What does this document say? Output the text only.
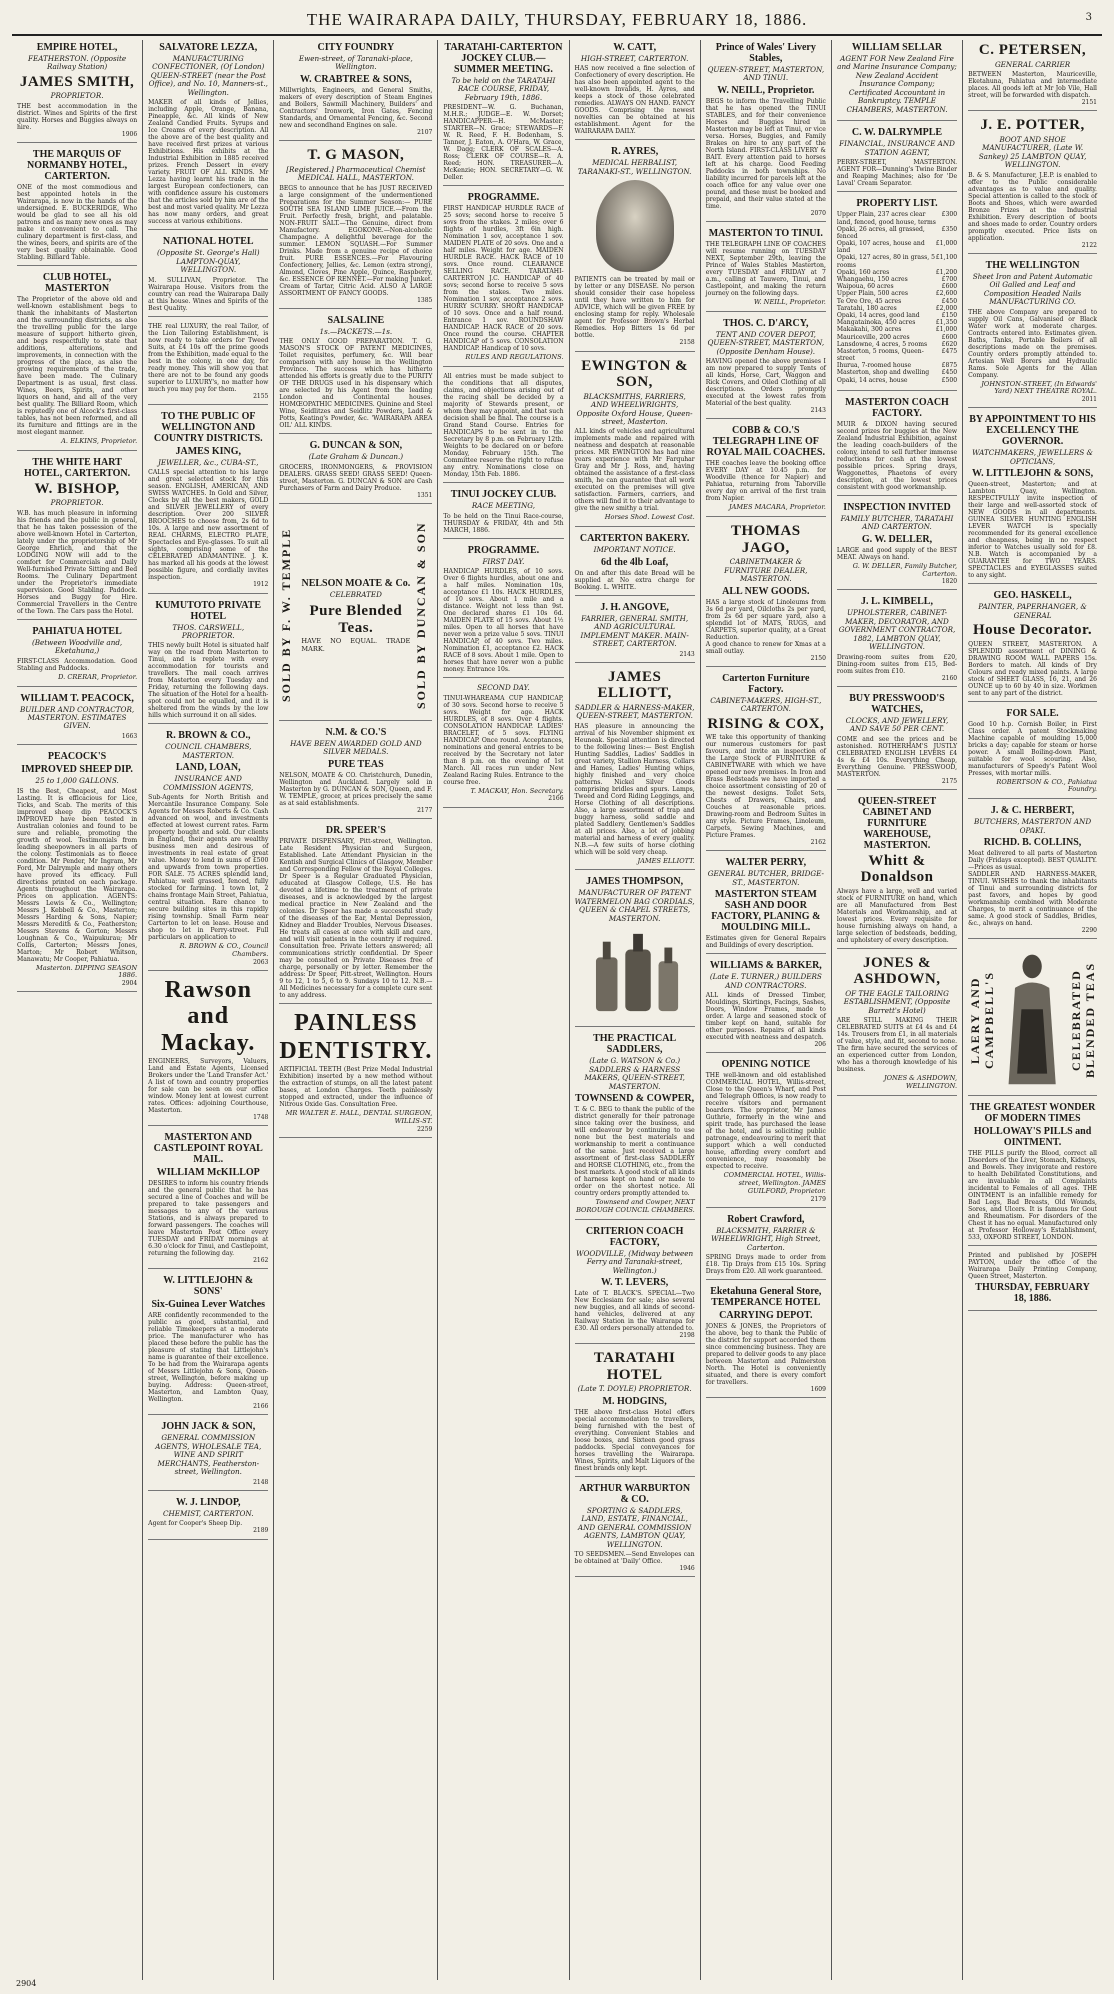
THE WAIRARAPA DAILY, THURSDAY, FEBRUARY 18, 1886.	3
EMPIRE HOTEL,
FEATHERSTON. (Opposite Railway Station)
JAMES SMITH,
PROPRIETOR.
THE best accommodation in the district. Wines and Spirits of the first quality. Horses and Buggies always on hire.
1906
THE MARQUIS OF NORMANBY HOTEL, CARTERTON.
ONE of the most commodious and best appointed hotels in the Wairarapa, is now in the hands of the undersigned. E. BUCKERIDGE, Who would be glad to see all his old patrons and as many new ones as may make it convenient to call. The culinary department is first-class, and the wines, beers, and spirits are of the very best quality obtainable. Good Stabling. Billiard Table.
CLUB HOTEL, MASTERTON
The Proprietor of the above old and well-known establishment begs to thank the inhabitants of Masterton and the surrounding districts, as also the travelling public for the large measure of support hitherto given, and begs respectfully to state that additions, alterations, and improvements, in connection with the progress of the place, as also the growing requirements of the trade, have been made. The Culinary Department is as usual, first class. Wines, Beers, Spirits, and other liquors on hand, and all of the very best quality. The Billiard Room, which is reputedly one of Alcock's first-class tables, has not been reformed, and all its furniture and fittings are in the most elegant manner.
A. ELKINS, Proprietor.
THE WHITE HART HOTEL, CARTERTON.
W. BISHOP,
PROPRIETOR.
W.B. has much pleasure in informing his friends and the public in general, that he has taken possession of the above well-known Hotel in Carterton, lately under the proprietorship of Mr George Ehrlich, and that the LODGING NOW will add to the comfort for Commercials and Daily Well-furnished Private Sitting and Bed Rooms. The Culinary Department under the Proprietor's immediate supervision. Good Stabling. Paddock. Horses and Buggy for Hire. Commercial Travellers in the Centre of the Town. The Cars pass the Hotel.
PAHIATUA HOTEL
(Between Woodville and, Eketahuna,)
FIRST-CLASS Accommodation. Good Stabling and Paddocks.
D. CRERAR, Proprietor.
WILLIAM T. PEACOCK,
BUILDER AND CONTRACTOR, MASTERTON. ESTIMATES GIVEN.
1663
PEACOCK'S
IMPROVED SHEEP DIP.
25 to 1,000 GALLONS.
IS the Best, Cheapest, and Most Lasting. It is efficacious for Lice, Ticks, and Scab. The merits of this improved sheep dip PEACOCK'S IMPROVED have been tested in Australian colonies and found to be sure and reliable, promoting the growth of wool. Testimonials from leading sheepowners in all parts of the colony. Testimonials as to fleece condition. Mr Pender, Mr Ingram, Mr Ford, Mr Dalrymple and many others have proved its efficacy. Full directions printed on each package. Agents throughout the Wairarapa. Prices on application. AGENTS: Messrs Lewis & Co., Wellington; Messrs J. Kebbell & Co., Masterton; Messrs Harding & Sons, Napier; Messrs Meredith & Co., Featherston; Messrs Stevens & Gorton; Messrs Loughnan & Co., Waipukurau; Mr Collis, Carterton; Messrs Jones, Marton; Mr Robert Whitson, Manawatu; Mr Cooper, Pahiatua.
Masterton. DIPPING SEASON 1886.
2904
SALVATORE LEZZA,
MANUFACTURING CONFECTIONER, (Of London) QUEEN-STREET (near the Post Office), and No. 10, Manners-st., Wellington.
MAKER of all kinds of Jellies, including Apple, Orange, Banana, Pineapple, &c. All kinds of New Zealand Candied Fruits. Syrups and Ice Creams of every description. All the above are of the best quality and have received first prizes at various Exhibitions. His exhibits at the Industrial Exhibition in 1885 received prizes. French Dessert in every variety. FRUIT OF ALL KINDS. Mr Lezza having learnt his trade in the largest European confectioners, can with confidence assure his customers that the articles sold by him are of the best and most varied quality. Mr Lezza has now many orders, and great success at various exhibitions.
NATIONAL HOTEL
(Opposite St. George's Hall) LAMPTON-QUAY, WELLINGTON.
M. SULLIVAN, Proprietor. The Wairarapa House. Visitors from the country can read the Wairarapa Daily at this house. Wines and Spirits of the Best Quality.
THE real LUXURY, the real Tailor, of the Lion Tailoring Establishment, is now ready to take orders for Tweed Suits, at £4 10s off the prime goods from the Exhibition, made equal to the best in the colony, in one day, for ready money. This will show you that there are not to be found any goods superior to LUXURY's, no matter how much you may pay for them.
2155
TO THE PUBLIC OF WELLINGTON AND COUNTRY DISTRICTS.
JAMES KING,
JEWELLER, &c., CUBA-ST.,
CALLS special attention to his large and great selected stock for this season. ENGLISH, AMERICAN, AND SWISS WATCHES. In Gold and Silver, Clocks by all the best makers, GOLD and SILVER JEWELLERY of every description. Over 200 SILVER BROOCHES to choose from, 2s 6d to 10s. A large and new assortment of REAL CHARMS, ELECTRO PLATE, Spectacles and Eye-glasses. To suit all sights, comprising some of the CELEBRATED ADAMANTINE. J. K. has marked all his goods at the lowest possible figure, and cordially invites inspection.
1912
KUMUTOTO PRIVATE HOTEL
THOS. CARSWELL, PROPRIETOR.
THIS newly built Hotel is situated half way on the road from Masterton to Tinui, and is replete with every accommodation for tourists and travellers. The mail coach arrives from Masterton every Tuesday and Friday, returning the following days. The situation of the Hotel for a health-spot could not be equalled, and it is sheltered from the winds by the low hills which surround it on all sides.
R. BROWN & CO.,
COUNCIL CHAMBERS, MASTERTON.
LAND, LOAN,
INSURANCE AND COMMISSION AGENTS,
Sub-Agents for North British and Mercantile Insurance Company. Sole Agents for Messrs Roberts & Co. Cash advanced on wool, and investments effected at lowest current rates. Farm property bought and sold. Our clients in England, their agents are wealthy business men and desirous of investments in real estate of great value. Money to lend in sums of £500 and upwards from town properties. FOR SALE. 75 ACRES splendid land, Pahiatua; well grassed, fenced, fully stocked for farming. 1 town lot, 2 chains frontage Main Street, Pahiatua, central situation. Rare chance to secure building sites in this rapidly rising township. Small Farm near Carterton to let on lease. House and shop to let in Perry-street. Full particulars on application to
R. BROWN & CO., Council Chambers.
2063
Rawson and Mackay.
ENGINEERS, Surveyors, Valuers, Land and Estate Agents, Licensed Brokers under the 'Land Transfer Act.' A list of town and country properties for sale can be seen on our office window. Money lent at lowest current rates. Offices: adjoining Courthouse, Masterton.
1748
MASTERTON AND CASTLEPOINT ROYAL MAIL.
WILLIAM McKILLOP
DESIRES to inform his country friends and the general public that he has secured a line of Coaches and will be prepared to take passengers and messages to any of the various Stations, and is always prepared to forward passengers. The coaches will leave Masterton Post Office every TUESDAY and FRIDAY mornings at 6.30 o'clock for Tinui, and Castlepoint, returning the following day.
2162
W. LITTLEJOHN & SONS'
Six-Guinea Lever Watches
ARE confidently recommended to the public as good, substantial, and reliable Timekeepers at a moderate price. The manufacturer who has placed these before the public has the pleasure of stating that Littlejohn's name is guarantee of their excellence. To be had from the Wairarapa agents of Messrs Littlejohn & Sons, Queen-street, Wellington, before making up buying. Address: Queen-street, Masterton, and Lambton Quay, Wellington.
2166
JOHN JACK & SON,
GENERAL COMMISSION AGENTS, WHOLESALE TEA, WINE AND SPIRIT MERCHANTS, Featherston-street, Wellington.
2148
W. J. LINDOP,
CHEMIST, CARTERTON.
Agent for Cooper's Sheep Dip.
2189
CITY FOUNDRY
Ewen-street, of Taranaki-place, Wellington.
W. CRABTREE & SONS,
Millwrights, Engineers, and General Smiths, makers of every description of Steam Engines and Boilers, Sawmill Machinery, Builders' and Contractors' Ironwork, Iron Gates, Fencing Standards, and Ornamental Fencing, &c. Second new and secondhand Engines on sale.
2107
T. G MASON,
[Registered.] Pharmaceutical Chemist MEDICAL HALL, MASTERTON.
BEGS to announce that he has JUST RECEIVED a large consignment of the undermentioned Preparations for the Summer Season:— PURE SOUTH SEA ISLAND LIME JUICE.—From the Fruit. Perfectly fresh, bright, and palatable. NON-FRUIT SALT.—The Genuine, direct from Manufactory. EGOKONE.—Non-alcoholic Champagne. A delightful beverage for the summer. LEMON SQUASH.—For Summer Drinks. Made from a genuine recipe of choice fruit. PURE ESSENCES.—For Flavouring Confectionery, Jellies, &c. Lemon (extra strong), Almond, Cloves, Pine Apple, Quince, Raspberry, &c. ESSENCE OF RENNET.—For making Junket. Cream of Tartar, Citric Acid. ALSO A LARGE ASSORTMENT OF FANCY GOODS.
1385
SALSALINE
1s.—PACKETS.—1s.
THE ONLY GOOD PREPARATION. T. G. MASON'S STOCK OF PATENT MEDICINES, Toilet requisites, perfumery, &c. Will bear comparison with any house in the Wellington Province. The success which has hitherto attended his efforts is greatly due to the PURITY OF THE DRUGS used in his dispensary which are selected by his Agent from the leading London and Continental houses. HOMŒOPATHIC MEDICINES. Quinine and Steel Wine, Seidlitzes and Seidlitz Powders, Ladd & Potts, Keating's Powder, &c. 'WAIRARAPA AREA OIL' ALL KINDS.
G. DUNCAN & SON,
(Late Graham & Duncan.)
GROCERS, IRONMONGERS, & PROVISION DEALERS. GRASS SEED! GRASS SEED! Queen-street, Masterton. G. DUNCAN & SON are Cash Purchasers of Farm and Dairy Produce.
1351
SOLD BY F. W. TEMPLE NELSON MOATE & Co.
CELEBRATED
Pure Blended Teas.
HAVE NO EQUAL. TRADE MARK.	SOLD BY DUNCAN & SON
N.M. & CO.'S
HAVE BEEN AWARDED GOLD AND SILVER MEDALS.
PURE TEAS
NELSON, MOATE & CO. Christchurch, Dunedin, Wellington and Auckland. Largely sold in Masterton by G. DUNCAN & SON, Queen, and F. W. TEMPLE, grocer, at prices precisely the same as at said establishments.
2177
DR. SPEER'S
PRIVATE DISPENSARY, Pitt-street, Wellington. Late Resident Physician and Surgeon, Established. Late Attendant Physician in the Kentish and Surgical Clinics of Glasgow, Member and Corresponding Fellow of the Royal Colleges. Dr Speer is a Regular Graduated Physician, educated at Glasgow College, U.S. He has devoted a lifetime to the treatment of private diseases, and is acknowledged by the largest medical practice in New Zealand and the colonies. Dr Speer has made a successful study of the diseases of the Ear, Mental Depression, Kidney and Bladder Troubles, Nervous Diseases. He treats all cases at once with skill and care, and will visit patients in the country if required. Consultation free. Private letters answered; all communications strictly confidential. Dr Speer may be consulted on Private Diseases free of charge, personally or by letter. Remember the address: Dr Speer, Pitt-street, Wellington. Hours 9 to 12, 1 to 5, 6 to 9. Sundays 10 to 12. N.B.—All Medicines necessary for a complete cure sent to any address.
PAINLESS
DENTISTRY.
ARTIFICIAL TEETH (Best Prize Medal Industrial Exhibition) inserted by a new method without the extraction of stumps, on all the latest patent bases, at London Charges. Teeth painlessly stopped and extracted, under the influence of Nitrous Oxide Gas. Consultation Free.
MR WALTER E. HALL, DENTAL SURGEON, WILLIS-ST.
2259
TARATAHI-CARTERTON JOCKEY CLUB.—SUMMER MEETING.
To be held on the TARATAHI RACE COURSE, FRIDAY, February 19th, 1886.
PRESIDENT—W. G. Buchanan, M.H.R.; JUDGE—E. W. Dorset; HANDICAPPER—H. McMaster; STARTER—N. Grace; STEWARDS—F. W. R. Reed, F. H. Bodenham, S. Tanner, J. Eaton, A. O'Hara, W. Grace, W. Dagg; CLERK OF SCALES—A. Ross; CLERK OF COURSE—R. A. Reed; HON. TREASURER—A. McKenzie; HON. SECRETARY—G. W. Deller.
PROGRAMME.
FIRST HANDICAP HURDLE RACE of 25 sovs; second horse to receive 5 sovs from the stakes. 2 miles; over 6 flights of hurdles, 3ft 6in high. Nomination 1 sov, acceptance 1 sov. MAIDEN PLATE of 20 sovs. One and a half miles. Weight for age. MAIDEN HURDLE RACE. HACK RACE of 10 sovs. Once round. CLEARANCE SELLING RACE. TARATAHI-CARTERTON J.C. HANDICAP of 40 sovs; second horse to receive 5 sovs from the stakes. Two miles. Nomination 1 sov, acceptance 2 sovs. HURRY SCURRY. SHORT HANDICAP of 10 sovs. Once and a half round. Entrance 1 sov. ROUNDSHAW HANDICAP. HACK RACE of 20 sovs. Once round the course. CHAPTER HANDICAP of 5 sovs. CONSOLATION HANDICAP. Handicap of 10 sovs.
RULES AND REGULATIONS.
All entries must be made subject to the conditions that all disputes, claims, and objections arising out of the racing shall be decided by a majority of Stewards present, or whom they may appoint, and that such decision shall be final. The course is a Grand Stand Course. Entries for HANDICAPS to be sent in to the Secretary by 8 p.m. on February 12th. Weights to be declared on or before Monday, February 15th. The Committee reserve the right to refuse any entry. Nominations close on Monday, 15th Feb. 1886.
TINUI JOCKEY CLUB.
RACE MEETING,
To be held on the Tinui Race-course, THURSDAY & FRIDAY, 4th and 5th MARCH, 1886.
PROGRAMME.
FIRST DAY.
HANDICAP HURDLES, of 10 sovs. Over 6 flights hurdles, about one and a half miles. Nomination 10s, acceptance £1 10s. HACK HURDLES, of 10 sovs. About 1 mile and a distance. Weight not less than 9st. One declared shares £1 10s 6d. MAIDEN PLATE of 15 sovs. About 1½ miles. Open to all horses that have never won a prize value 5 sovs. TINUI HANDICAP, of 40 sovs. Two miles. Nomination £1, acceptance £2. HACK RACE of 8 sovs. About 1 mile. Open to horses that have never won a public money. Entrance 10s.
SECOND DAY.
TINUI-WHAREAMA CUP HANDICAP, of 30 sovs. Second horse to receive 5 sovs. Weight for age. HACK HURDLES, of 8 sovs. Over 4 flights. CONSOLATION HANDICAP. LADIES' BRACELET, of 5 sovs. FLYING HANDICAP. Once round. Acceptances, nominations and general entries to be received by the Secretary not later than 8 p.m. on the evening of 1st March. All races run under New Zealand Racing Rules. Entrance to the course free.
T. MACKAY, Hon. Secretary.
2166
W. CATT,
HIGH-STREET, CARTERTON.
HAS now received a fine selection of Confectionery of every description. He has also been appointed agent to the well-known Invalids, H. Ayres, and keeps a stock of those celebrated remedies. ALWAYS ON HAND. FANCY GOODS. Comprising the newest novelties can be obtained at his establishment. Agent for the WAIRARAPA DAILY.
R. AYRES,
MEDICAL HERBALIST, TARANAKI-ST., WELLINGTON.
PATIENTS can be treated by mail or by letter or any DISEASE. No person should consider their case hopeless until they have written to him for ADVICE, which will be given FREE by enclosing stamp for reply. Wholesale agent for Professor Brown's Herbal Remedies. Hop Bitters 1s 6d per bottle.
2158
EWINGTON & SON,
BLACKSMITHS, FARRIERS, AND WHEELWRIGHTS, Opposite Oxford House, Queen-street, Masterton.
ALL kinds of vehicles and agricultural implements made and repaired with neatness and despatch at reasonable prices. MR EWINGTON has had nine years experience with Mr Farquhar Gray and Mr J. Ross, and, having obtained the assistance of a first-class smith, he can guarantee that all work executed on the premises will give satisfaction. Farmers, carriers, and others will find it to their advantage to give the new smithy a trial.
Horses Shod. Lowest Cost.
CARTERTON BAKERY.
IMPORTANT NOTICE.
6d the 4lb Loaf,
On and after this date Bread will be supplied at No extra charge for Booking. L. WHITE.
J. H. ANGOVE,
FARRIER, GENERAL SMITH, AND AGRICULTURAL IMPLEMENT MAKER. MAIN-STREET, CARTERTON.
2143
JAMES ELLIOTT,
SADDLER & HARNESS-MAKER, QUEEN-STREET, MASTERTON.
HAS pleasure in announcing the arrival of his November shipment ex Heuneak. Special attention is directed to the following lines:— Best English Hunting Saddles, Ladies' Saddles in great variety, Stallion Harness, Collars and Hames, Ladies' Hunting whips, highly finished and very choice patterns. Nickel Silver Goods comprising bridles and spurs. Lamps, Tweed and Cord Riding Leggings, and Horse Clothing of all descriptions. Also, a large assortment of trap and buggy harness, solid saddle and plated Saddlery, Gentlemen's Saddles at all prices. Also, a lot of jobbing material and harness of every quality. N.B.—A few suits of horse clothing which will be sold very cheap.
JAMES ELLIOTT.
JAMES THOMPSON,
MANUFACTURER OF PATENT WATERMELON BAG CORDIALS, QUEEN & CHAPEL STREETS, MASTERTON.
THE PRACTICAL SADDLERS,
(Late G. WATSON & Co.) SADDLERS & HARNESS MAKERS, QUEEN-STREET, MASTERTON.
TOWNSEND & COWPER,
T. & C. BEG to thank the public of the district generally for their patronage since taking over the business, and will endeavour by continuing to use none but the best materials and workmanship to merit a continuance of the same. Just received a large assortment of first-class SADDLERY and HORSE CLOTHING, etc., from the best markets. A good stock of all kinds of harness kept on hand or made to order on the shortest notice. All country orders promptly attended to.
Townsend and Cowper, NEXT BOROUGH COUNCIL CHAMBERS.
CRITERION COACH FACTORY,
WOODVILLE, (Midway between Ferry and Taranaki-street, Wellington.)
W. T. LEVERS,
Late of T. BLACK'S. SPECIAL—Two New Ecclesiam for sale; also several new buggies, and all kinds of second-hand vehicles, delivered at any Railway Station in the Wairarapa for £30. All orders personally attended to.
2198
TARATAHI HOTEL
(Late T. DOYLE) PROPRIETOR.
M. HODGINS,
THE above first-class Hotel offers special accommodation to travellers, being furnished with the best of everything. Convenient Stables and loose boxes, and Sixteen good grass paddocks. Special conveyances for horses travelling the Wairarapa. Wines, Spirits, and Malt Liquors of the finest brands only kept.
ARTHUR WARBURTON & CO.
SPORTING & SADDLERS, LAND, ESTATE, FINANCIAL, AND GENERAL COMMISSION AGENTS, LAMBTON QUAY, WELLINGTON.
TO SEEDSMEN.—Send Envelopes can be obtained at 'Daily' Office.
1946
Prince of Wales' Livery Stables,
QUEEN-STREET, MASTERTON, AND TINUI.
W. NEILL, Proprietor.
BEGS to inform the Travelling Public that he has opened the TINUI STABLES, and for their convenience Horses and Buggies hired in Masterton may be left at Tinui, or vice versa. Horses, Buggies, and Family Brakes on hire to any part of the North Island. FIRST-CLASS LIVERY & BAIT. Every attention paid to horses left at his charge. Good Feeding Paddocks in both townships. No liability incurred for parcels left at the coach office for any value over one pound, and these must be booked and prepaid, and their value stated at the time.
2070
MASTERTON TO TINUI.
THE TELEGRAPH LINE OF COACHES will resume running on TUESDAY NEXT, September 29th, leaving the Prince of Wales Stables Masterton, every TUESDAY and FRIDAY at 7 a.m., calling at Tauwero, Tinui, and Castlepoint, and making the return journey on the following days.
W. NEILL, Proprietor.
THOS. C. D'ARCY,
TENT AND COVER DEPOT, QUEEN-STREET, MASTERTON, (Opposite Denham House).
HAVING opened the above premises I am now prepared to supply Tents of all kinds, Horse, Cart, Waggon and Rick Covers, and Oiled Clothing of all descriptions. Orders promptly executed at the lowest rates from Material of the best quality.
2143
COBB & CO.'S TELEGRAPH LINE OF ROYAL MAIL COACHES.
THE coaches leave the booking office EVERY DAY at 10.45 p.m. for Woodville (thence for Napier) and Pahiatua, returning from Taborville every day on arrival of the first train from Napier.
JAMES MACARA, Proprietor.
THOMAS JAGO,
CABINETMAKER & FURNITURE DEALER, MASTERTON.
ALL NEW GOODS.
HAS a large stock of Linoleums from 3s 6d per yard, Oilcloths 2s per yard, from 2s 6d per square yard, also a splendid lot of MATS, RUGS, and CARPETS, superior quality, at a Great Reduction.
A good chance to renew for Xmas at a small outlay.
2150
Carterton Furniture Factory.
CABINET-MAKERS, HIGH-ST., CARTERTON.
RISING & COX,
WE take this opportunity of thanking our numerous customers for past favours, and invite an inspection of the Large Stock of FURNITURE & CABINETWARE with which we have opened our new premises. In Iron and Brass Bedsteads we have imported a choice assortment consisting of 20 of the newest designs. Toilet Sets, Chests of Drawers, Chairs, and Couches at reasonable prices. Drawing-room and Bedroom Suites in any style. Picture Frames, Linoleum, Carpets, Sewing Machines, and Picture Frames.
2162
WALTER PERRY,
GENERAL BUTCHER, BRIDGE-ST., MASTERTON.
MASTERTON STEAM SASH AND DOOR FACTORY, PLANING & MOULDING MILL.
Estimates given for General Repairs and Buildings of every description.
WILLIAMS & BARKER,
(Late E. TURNER,) BUILDERS AND CONTRACTORS.
ALL kinds of Dressed Timber, Mouldings, Skirtings, Facings, Sashes, Doors, Window Frames, made to order. A large and seasoned stock of timber kept on hand, suitable for other purposes. Repairs of all kinds executed with neatness and despatch.
206
OPENING NOTICE
THE well-known and old established COMMERCIAL HOTEL, Willis-street, Close to the Queen's Wharf, and Post and Telegraph Offices, is now ready to receive visitors and permanent boarders. The proprietor, Mr James Guthrie, formerly in the wine and spirit trade, has purchased the lease of the hotel, and is soliciting public patronage, endeavouring to merit that support which a well conducted house, affording every comfort and convenience, may reasonably be expected to receive.
COMMERCIAL HOTEL, Willis-street, Wellington. JAMES GUILFORD, Proprietor.
2179
Robert Crawford,
BLACKSMITH, FARRIER & WHEELWRIGHT, High Street, Carterton.
SPRING Drays made to order from £18. Tip Drays from £15 10s. Spring Drays from £20. All work guaranteed.
Eketahuna General Store, TEMPERANCE HOTEL
CARRYING DEPOT.
JONES & JONES, the Proprietors of the above, beg to thank the Public of the district for support accorded them since commencing business. They are prepared to deliver goods to any place between Masterton and Palmerston North. The Hotel is conveniently situated, and there is every comfort for travellers.
1609
WILLIAM SELLAR
AGENT FOR New Zealand Fire and Marine Insurance Company; New Zealand Accident Insurance Company; Certificated Accountant in Bankruptcy. TEMPLE CHAMBERS, MASTERTON.
C. W. DALRYMPLE
FINANCIAL, INSURANCE AND STATION AGENT,
PERRY-STREET, MASTERTON. AGENT FOR—Dunning's Twine Binder and Reaping Machines; also for 'De Laval' Cream Separator.
PROPERTY LIST.
Upper Plain, 237 acres clear land, fenced, good house, terms
£300
Opaki, 26 acres, all grassed, fenced
£350
Opaki, 107 acres, house and land
£1,000
Opaki, 127 acres, 80 in grass, 5 rooms
£1,100
Opaki, 160 acres	£1,200
Whangaehu, 150 acres	£700
Waipoua, 60 acres	£600
Upper Plain, 500 acres	£2,600
Te Ore Ore, 45 acres	£450
Taratahi, 180 acres	£2,000
Opaki, 14 acres, good land	£150
Mangatainoka, 450 acres	£1,350
Makakahi, 300 acres	£1,000
Mauriceville, 200 acres	£600
Lansdowne, 4 acres, 5 rooms £620
Masterton, 5 rooms, Queen-street
£475
Ihurua, 7-roomed house	£875
Masterton, shop and dwelling £450
Opaki, 14 acres, house	£500
MASTERTON COACH FACTORY.
MUIR & DIXON having secured second prizes for buggies at the New Zealand Industrial Exhibition, against the leading coach-builders of the colony, intend to sell further immense reductions for cash at the lowest possible prices. Spring drays, Waggonettes, Phaetons of every description, at the lowest prices consistent with good workmanship.
INSPECTION INVITED
FAMILY BUTCHER, TARATAHI AND CARTERTON.
G. W. DELLER,
LARGE and good supply of the BEST MEAT. Always on hand.
G. W. DELLER, Family Butcher, Carterton.
1820
J. L. KIMBELL,
UPHOLSTERER, CABINET-MAKER, DECORATOR, AND GOVERNMENT CONTRACTOR, 1882, LAMBTON QUAY, WELLINGTON.
Drawing-room suites from £20, Dining-room suites from £15, Bed-room suites from £10.
2160
BUY PRESSWOOD'S WATCHES,
CLOCKS, AND JEWELLERY, AND SAVE 50 PER CENT.
COME and see the prices and be astonished. ROTHERHAM'S JUSTLY CELEBRATED ENGLISH LEVERS £4 4s & £4 10s. Everything Cheap, Everything Genuine. PRESSWOOD, MASTERTON.
2175
QUEEN-STREET CABINET AND FURNITURE WAREHOUSE, MASTERTON.
Whitt & Donaldson
Always have a large, well and varied stock of FURNITURE on hand, which are all Manufactured from Best Materials and Workmanship, and at lowest prices. Every requisite for house furnishing always on hand, a large selection of bedsteads, bedding, and upholstery of every description.
JONES & ASHDOWN,
OF THE EAGLE TAILORING ESTABLISHMENT, (Opposite Barrett's Hotel)
ARE STILL MAKING THEIR CELEBRATED SUITS at £4 4s and £4 14s. Trousers from £1, in all materials of value, style, and fit, second to none. The firm have secured the services of an experienced cutter from London, who has a thorough knowledge of his business.
JONES & ASHDOWN, WELLINGTON.
C. PETERSEN,
GENERAL CARRIER
BETWEEN Masterton, Mauriceville, Eketahuna, Pahiatua and intermediate places. All goods left at Mr Job Vile, Hall street, will be forwarded with dispatch.
2151
J. E. POTTER,
BOOT AND SHOE MANUFACTURER, (Late W. Sankey) 25 LAMBTON QUAY, WELLINGTON.
B. & S. Manufacturer, J.E.P. is enabled to offer to the Public considerable advantages as to value and quality. Special attention is called to the stock of Boots and Shoes, which were awarded Bronze Prizes at the Industrial Exhibition. Every description of boots and shoes made to order. Country orders promptly executed. Price lists on application.
2122
THE WELLINGTON
Sheet Iron and Patent Automatic Oil Galled and Leaf and Composition Headed Nails MANUFACTURING CO.
THE above Company are prepared to supply Oil Cans, Galvanised or Black Water work at moderate charges. Contracts entered into. Estimates given. Baths, Tanks, Portable Boilers of all descriptions made on the premises. Country orders promptly attended to. Artesian Well Borers and Hydraulic Rams. Sole Agents for the Allan Company.
JOHNSTON-STREET, (In Edwards' Yard) NEXT THEATRE ROYAL.
2011
BY APPOINTMENT TO HIS EXCELLENCY THE GOVERNOR.
WATCHMAKERS, JEWELLERS & OPTICIANS,
W. LITTLEJOHN & SONS,
Queen-street, Masterton; and at Lambton Quay, Wellington. RESPECTFULLY invite inspection of their large and well-assorted stock of NEW GOODS in all departments. GUINEA SILVER HUNTING ENGLISH LEVER WATCH is specially recommended for its general excellence and cheapness, being in no respect inferior to Watches usually sold for £8. N.B. Watch is accompanied by a GUARANTEE for TWO YEARS. SPECTACLES and EYEGLASSES suited to any sight.
GEO. HASKELL,
PAINTER, PAPERHANGER, & GENERAL
House Decorator.
QUEEN STREET, MASTERTON. A SPLENDID assortment of DINING & DRAWING ROOM WALL PAPERS 15s. Borders to match. All kinds of Dry Colours and ready mixed paints. A large stock of SHEET GLASS, 16, 21, and 26 OUNCE up to 60 by 40 in size. Workmen sent to any part of the district.
FOR SALE.
Good 10 h.p. Cornish Boiler, in First Class order. A patent Stockmaking Machine capable of moulding 15,000 bricks a day; capable for steam or horse power. A small Boiling-down Plant, suitable for wool scouring. Also, manufacturers of Speedy's Patent Wool Presses, with mortar mills.
ROBERTSON & CO., Pahiatua Foundry.
J. & C. HERBERT,
BUTCHERS, MASTERTON AND OPAKI.
RICHD. B. COLLINS,
Meat delivered to all parts of Masterton Daily (Fridays excepted). BEST QUALITY.—Prices as usual.
SADDLER AND HARNESS-MAKER, TINUI. WISHES to thank the inhabitants of Tinui and surrounding districts for past favors, and hopes by good workmanship combined with Moderate Charges, to merit a continuance of the same. A good stock of Saddles, Bridles, &c., always on hand.
2290
LAERY AND CAMPBELL'S	CELEBRATED BLENDED TEAS
THE GREATEST WONDER OF MODERN TIMES
HOLLOWAY'S PILLS and OINTMENT.
THE PILLS purify the Blood, correct all Disorders of the Liver, Stomach, Kidneys, and Bowels. They invigorate and restore to health Debilitated Constitutions, and are invaluable in all Complaints incidental to Females of all ages. THE OINTMENT is an infallible remedy for Bad Legs, Bad Breasts, Old Wounds, Sores, and Ulcers. It is famous for Gout and Rheumatism. For disorders of the Chest it has no equal. Manufactured only at Professor Holloway's Establishment, 533, OXFORD STREET, LONDON.
Printed and published by JOSEPH PAYTON, under the office of the Wairarapa Daily Printing Company, Queen Street, Masterton.
THURSDAY, FEBRUARY 18, 1886.
2904
